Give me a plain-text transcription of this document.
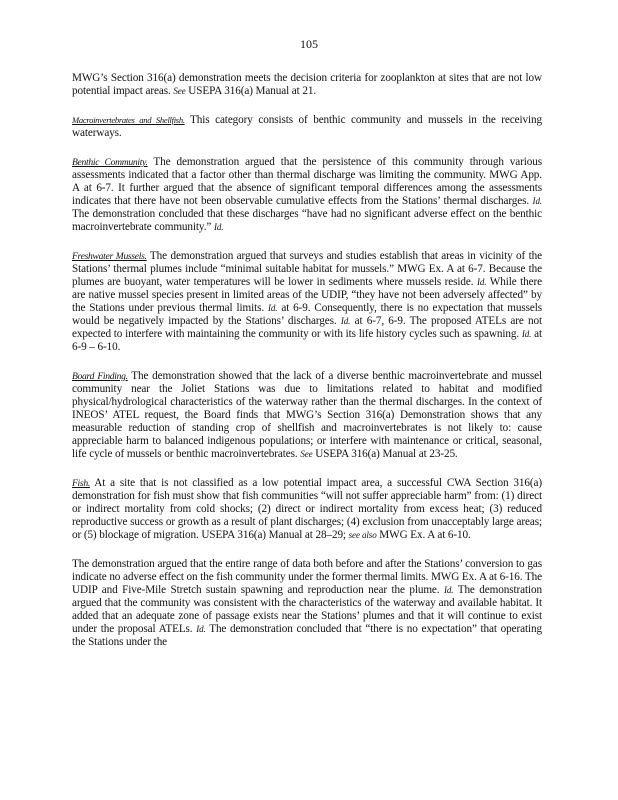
105

MWG’s Section 316(a) demonstration meets the decision criteria for zooplankton at sites that are not low potential impact areas. See USEPA 316(a) Manual at 21.

Macroinvertebrates and Shellfish. This category consists of benthic community and mussels in the receiving waterways.

Benthic Community. The demonstration argued that the persistence of this community through various assessments indicated that a factor other than thermal discharge was limiting the community. MWG App. A at 6-7. It further argued that the absence of significant temporal differences among the assessments indicates that there have not been observable cumulative effects from the Stations’ thermal discharges. Id. The demonstration concluded that these discharges “have had no significant adverse effect on the benthic macroinvertebrate community.” Id.

Freshwater Mussels. The demonstration argued that surveys and studies establish that areas in vicinity of the Stations’ thermal plumes include “minimal suitable habitat for mussels.” MWG Ex. A at 6-7. Because the plumes are buoyant, water temperatures will be lower in sediments where mussels reside. Id. While there are native mussel species present in limited areas of the UDIP, “they have not been adversely affected” by the Stations under previous thermal limits. Id. at 6-9. Consequently, there is no expectation that mussels would be negatively impacted by the Stations’ discharges. Id. at 6-7, 6-9. The proposed ATELs are not expected to interfere with maintaining the community or with its life history cycles such as spawning. Id. at 6-9 – 6-10.

Board Finding. The demonstration showed that the lack of a diverse benthic macroinvertebrate and mussel community near the Joliet Stations was due to limitations related to habitat and modified physical/hydrological characteristics of the waterway rather than the thermal discharges. In the context of INEOS’ ATEL request, the Board finds that MWG’s Section 316(a) Demonstration shows that any measurable reduction of standing crop of shellfish and macroinvertebrates is not likely to: cause appreciable harm to balanced indigenous populations; or interfere with maintenance or critical, seasonal, life cycle of mussels or benthic macroinvertebrates. See USEPA 316(a) Manual at 23-25.

Fish. At a site that is not classified as a low potential impact area, a successful CWA Section 316(a) demonstration for fish must show that fish communities “will not suffer appreciable harm” from: (1) direct or indirect mortality from cold shocks; (2) direct or indirect mortality from excess heat; (3) reduced reproductive success or growth as a result of plant discharges; (4) exclusion from unacceptably large areas; or (5) blockage of migration. USEPA 316(a) Manual at 28–29; see also MWG Ex. A at 6-10.

The demonstration argued that the entire range of data both before and after the Stations’ conversion to gas indicate no adverse effect on the fish community under the former thermal limits. MWG Ex. A at 6-16. The UDIP and Five-Mile Stretch sustain spawning and reproduction near the plume. Id. The demonstration argued that the community was consistent with the characteristics of the waterway and available habitat. It added that an adequate zone of passage exists near the Stations’ plumes and that it will continue to exist under the proposal ATELs. Id. The demonstration concluded that “there is no expectation” that operating the Stations under the
